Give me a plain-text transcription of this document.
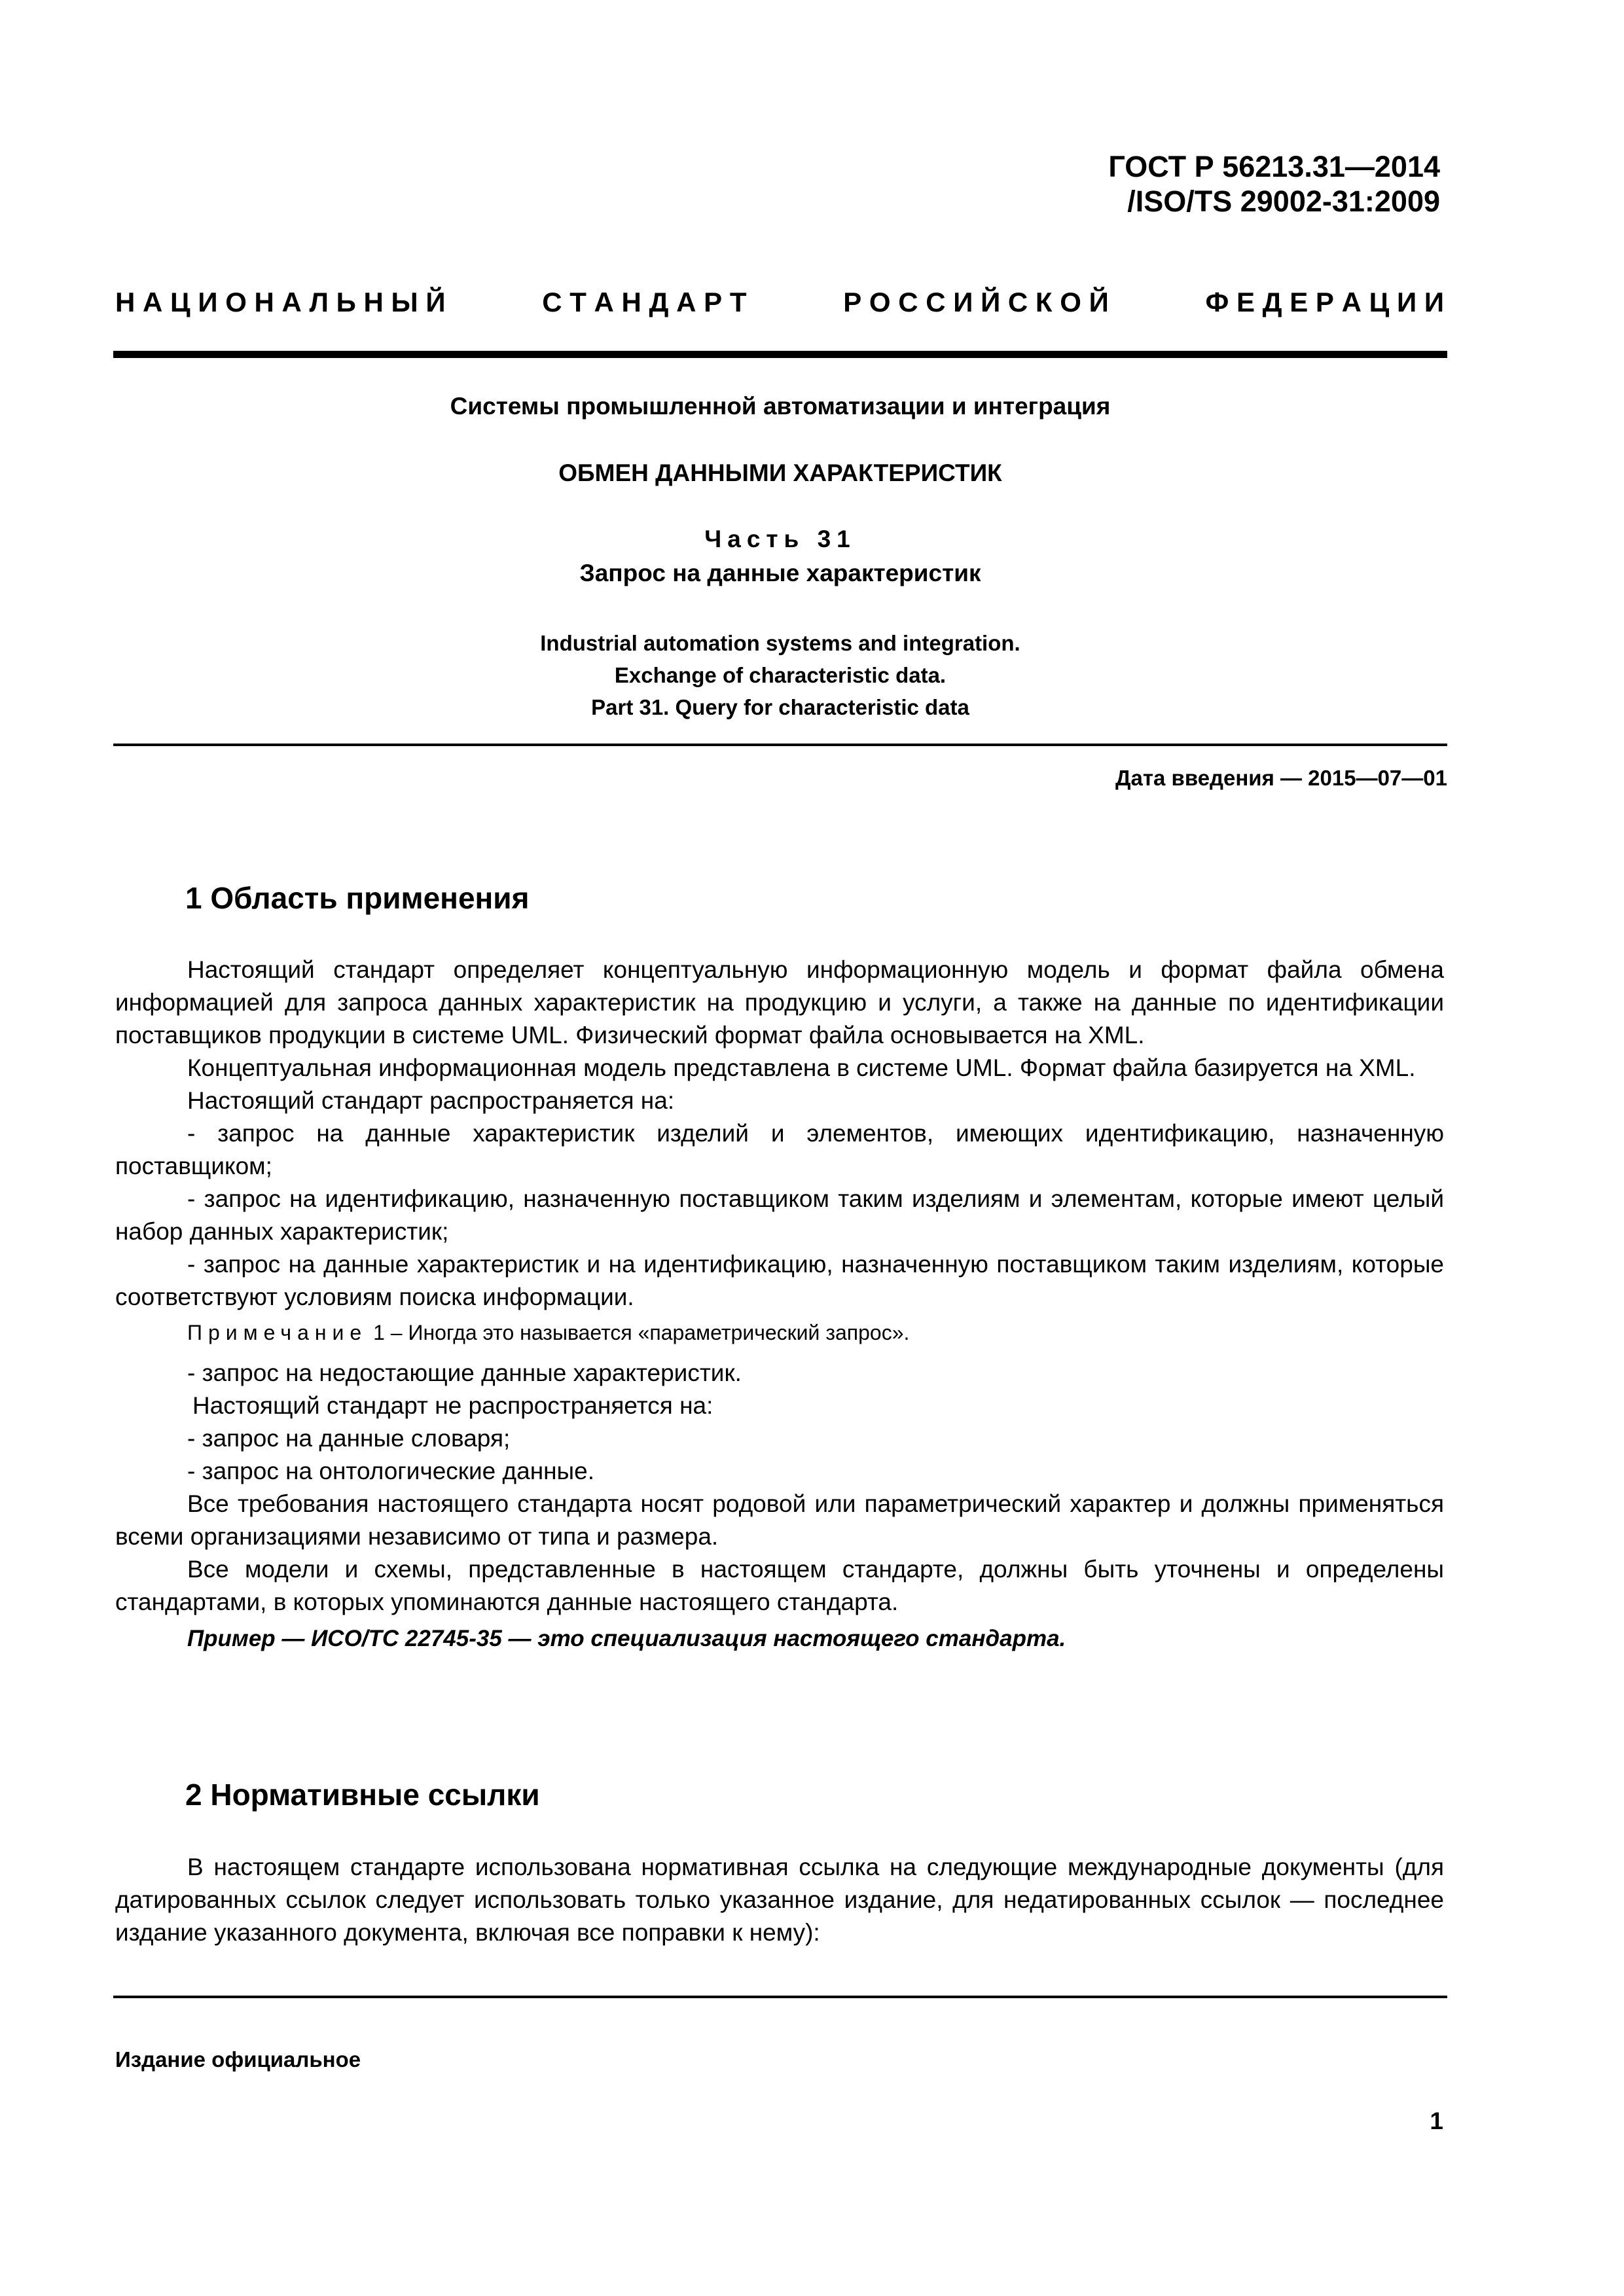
ГОСТ Р 56213.31—2014
/ISO/TS 29002-31:2009
Н А Ц И О Н А Л Ь Н Ы Й	С Т А Н Д А Р Т	Р О С С И Й С К О Й	Ф Е Д Е Р А Ц И И
Системы промышленной автоматизации и интеграция
ОБМЕН ДАННЫМИ ХАРАКТЕРИСТИК
Часть 31
Запрос на данные характеристик
Industrial automation systems and integration.
Exchange of characteristic data.
Part 31. Query for characteristic data
Дата введения — 2015—07—01
1 Область применения

Настоящий стандарт определяет концептуальную информационную модель и формат файла обмена информацией для запроса данных характеристик на продукцию и услуги, а также на данные по идентификации поставщиков продукции в системе UML. Физический формат файла основывается на XML.

Концептуальная информационная модель представлена в системе UML. Формат файла базируется на XML.

Настоящий стандарт распространяется на:

- запрос на данные характеристик изделий и элементов, имеющих идентификацию, назначенную поставщиком;

- запрос на идентификацию, назначенную поставщиком таким изделиям и элементам, которые имеют целый набор данных характеристик;

- запрос на данные характеристик и на идентификацию, назначенную поставщиком таким изделиям, которые соответствуют условиям поиска информации.

Примечание 1 – Иногда это называется «параметрический запрос».

- запрос на недостающие данные характеристик.

Настоящий стандарт не распространяется на:

- запрос на данные словаря;

- запрос на онтологические данные.

Все требования настоящего стандарта носят родовой или параметрический характер и должны применяться всеми организациями независимо от типа и размера.

Все модели и схемы, представленные в настоящем стандарте, должны быть уточнены и определены стандартами, в которых упоминаются данные настоящего стандарта.

Пример — ИСО/ТС 22745-35 — это специализация настоящего стандарта.

2 Нормативные ссылки

В настоящем стандарте использована нормативная ссылка на следующие международные документы (для датированных ссылок следует использовать только указанное издание, для недатированных ссылок — последнее издание указанного документа, включая все поправки к нему):

Издание официальное
1
